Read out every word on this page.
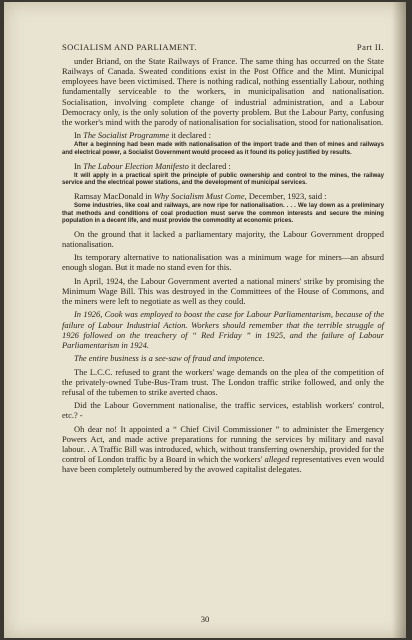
SOCIALISM AND PARLIAMENT.	Part II.

under Briand, on the State Railways of France. The same thing has occurred on the State Railways of Canada. Sweated conditions exist in the Post Office and the Mint. Municipal employees have been victimised. There is nothing radical, nothing essentially Labour, nothing fundamentally serviceable to the workers, in municipalisation and nationalisation. Socialisation, involving complete change of industrial administration, and a Labour Democracy only, is the only solution of the poverty problem. But the Labour Party, confusing the worker's mind with the parody of nationalisation for socialisation, stood for nationalisation.

In The Socialist Programme it declared :

After a beginning had been made with nationalisation of the import trade and then of mines and railways and electrical power, a Socialist Government would proceed as it found its policy justified by results.

In The Labour Election Manifesto it declared :

It will apply in a practical spirit the principle of public ownership and control to the mines, the railway service and the electrical power stations, and the development of municipal services.

Ramsay MacDonald in Why Socialism Must Come, December, 1923, said :

Some industries, like coal and railways, are now ripe for nationalisation. . . . We lay down as a preliminary that methods and conditions of coal production must serve the common interests and secure the mining population in a decent life, and must provide the commodity at economic prices.

On the ground that it lacked a parliamentary majority, the Labour Government dropped nationalisation.

Its temporary alternative to nationalisation was a minimum wage for miners—an absurd enough slogan. But it made no stand even for this.

In April, 1924, the Labour Government averted a national miners' strike by promising the Minimum Wage Bill. This was destroyed in the Committees of the House of Commons, and the miners were left to negotiate as well as they could.

In 1926, Cook was employed to boost the case for Labour Parliamentarism, because of the failure of Labour Industrial Action. Workers should remember that the terrible struggle of 1926 followed on the treachery of “ Red Friday ” in 1925, and the failure of Labour Parliamentarism in 1924.

The entire business is a see-saw of fraud and impotence.

The L.C.C. refused to grant the workers' wage demands on the plea of the competition of the privately-owned Tube-Bus-Tram trust. The London traffic strike followed, and only the refusal of the tubemen to strike averted chaos.

Did the Labour Government nationalise, the traffic services, establish workers' control, etc.? -

Oh dear no! It appointed a “ Chief Civil Commissioner ” to administer the Emergency Powers Act, and made active preparations for running the services by military and naval labour. . A Traffic Bill was introduced, which, without transferring ownership, provided for the control of London traffic by a Board in which the workers' alleged representatives even would have been completely outnumbered by the avowed capitalist delegates.

30
